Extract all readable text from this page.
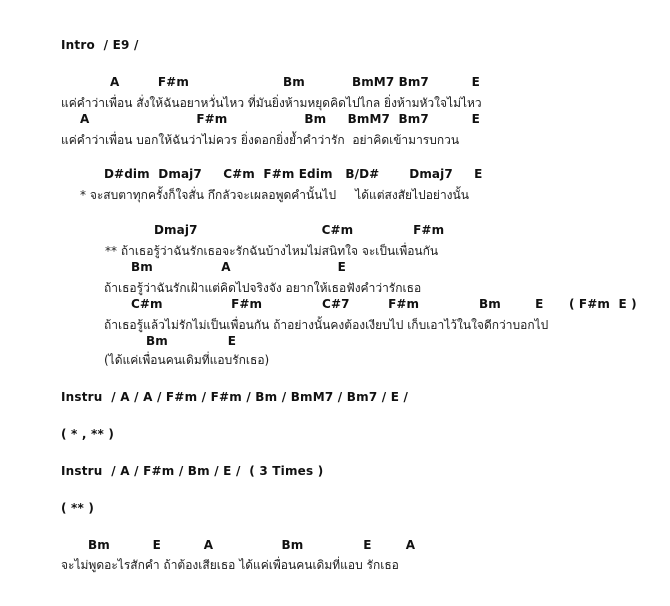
Intro  / E9 /
A         F#m                      Bm           BmM7 Bm7          E
แค่คำว่าเพื่อน สั่งให้ฉันอยาหวั่นไหว ที่มันยิ่งห้ามหยุดคิดไปไกล ยิ่งห้ามหัวใจไม่ไหว
A                         F#m                  Bm     BmM7  Bm7          E
แค่คำว่าเพื่อน บอกให้ฉันว่าไม่ควร ยิ่งดอกยิ่งย้ำคำว่ารัก  อย่าคิดเข้ามารบกวน
D#dim  Dmaj7     C#m  F#m Edim   B/D#       Dmaj7     E
* จะสบตาทุกครั้งก็ใจสั่น กึกลัวจะเผลอพูดคำนั้นไป     ได้แต่สงสัยไปอย่างนั้น
Dmaj7                             C#m              F#m
** ถ้าเธอรู้ว่าฉันรักเธอจะรักฉันบ้างไหมไม่สนิทใจ จะเป็นเพื่อนกัน
Bm                A                         E
ถ้าเธอรู้ว่าฉันรักเฝ้าแต่คิดไปจริงจัง อยากให้เธอฟังคำว่ารักเธอ
C#m                F#m              C#7         F#m              Bm        E      ( F#m  E )
ถ้าเธอรู้แล้วไม่รักไม่เป็นเพื่อนกัน ถ้าอย่างนั้นคงต้องเงียบไป เก็บเอาไว้ในใจดีกว่าบอกไป
Bm              E
(ได้แค่เพื่อนคนเดิมที่แอบรักเธอ)
Instru  / A / A / F#m / F#m / Bm / BmM7 / Bm7 / E /
( * , ** )
Instru  / A / F#m / Bm / E /  ( 3 Times )
( ** )
Bm          E          A                Bm              E        A
จะไม่พูดอะไรสักคำ ถ้าต้องเสียเธอ ได้แค่เพื่อนคนเดิมที่แอบ รักเธอ
